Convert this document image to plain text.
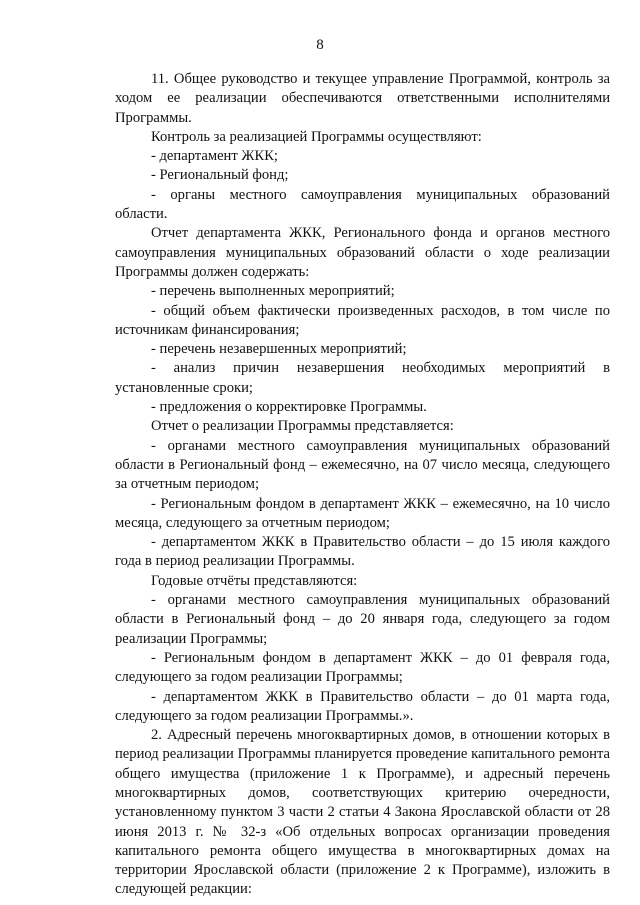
8

11. Общее руководство и текущее управление Программой, контроль за ходом ее реализации обеспечиваются ответственными исполнителями Программы.

Контроль за реализацией Программы осуществляют:

- департамент ЖКК;

- Региональный фонд;

- органы местного самоуправления муниципальных образований области.

Отчет департамента ЖКК, Регионального фонда и органов местного самоуправления муниципальных образований области о ходе реализации Программы должен содержать:

- перечень выполненных мероприятий;

- общий объем фактически произведенных расходов, в том числе по источникам финансирования;

- перечень незавершенных мероприятий;

- анализ причин незавершения необходимых мероприятий в установленные сроки;

- предложения о корректировке Программы.

Отчет о реализации Программы представляется:

- органами местного самоуправления муниципальных образований области в Региональный фонд – ежемесячно, на 07 число месяца, следующего за отчетным периодом;

- Региональным фондом в департамент ЖКК – ежемесячно, на 10 число месяца, следующего за отчетным периодом;

- департаментом ЖКК в Правительство области – до 15 июля каждого года в период реализации Программы.

Годовые отчёты представляются:

- органами местного самоуправления муниципальных образований области в Региональный фонд – до 20 января года, следующего за годом реализации Программы;

- Региональным фондом в департамент ЖКК – до 01 февраля года, следующего за годом реализации Программы;

- департаментом ЖКК в Правительство области – до 01 марта года, следующего за годом реализации Программы.».

2. Адресный перечень многоквартирных домов, в отношении которых в период реализации Программы планируется проведение капитального ремонта общего имущества (приложение 1 к Программе), и адресный перечень многоквартирных домов, соответствующих критерию очередности, установленному пунктом 3 части 2 статьи 4 Закона Ярославской области от 28 июня 2013 г. № 32-з «Об отдельных вопросах организации проведения капитального ремонта общего имущества в многоквартирных домах на территории Ярославской области (приложение 2 к Программе), изложить в следующей редакции:
